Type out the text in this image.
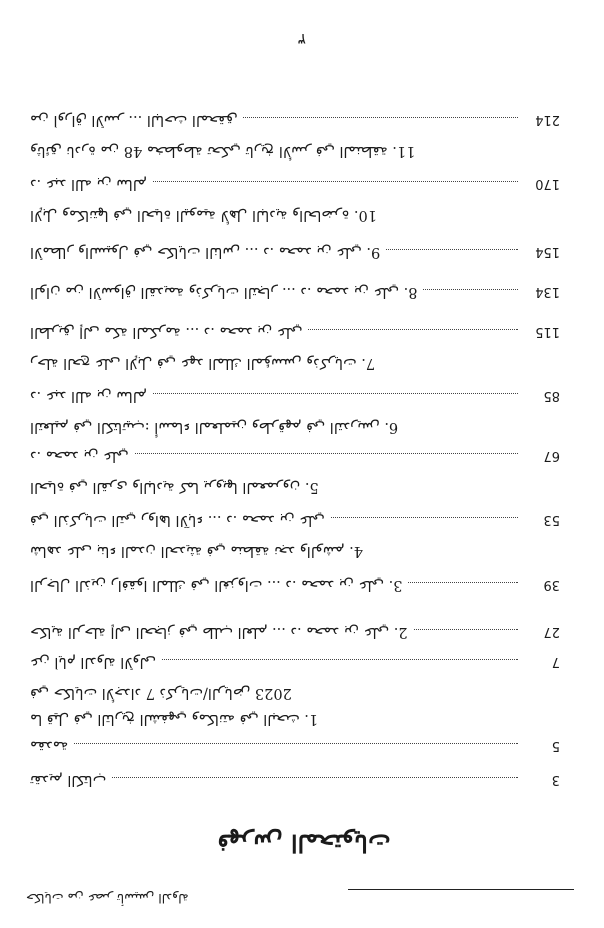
حكايات من عصر تأسيس الدولة
فهرس المحتويات
3
تقديم الكتاب
5
مقدمة
1. ما قيل في التاريخ الشفهي ومكانته في البحث
في حكايات الأجداد 7 ذكريات/الرياض 2023
7
عن أيام الدولة الأولى
27
2. حكاية الرحلة إلى الحجاز في طلب العلم ... د. محمد بن علي
39
3. الرجال الذين رافقوا الملك في الغزوات ... د. محمد بن علي
4. شاهد على بناء المدن الحديثة في منطقة نجد والوشم
53
في الذكريات التي رواها الآباء ... د. محمد بن علي
5. الحياة في القرى والبادية كما يرويها المعمرون
67
د. محمد بن علي
6. التعليم في الكتاتيب: أسماء المعلمين وطرقهم في التدريس
85
د. عبد الله بن سالم
7. رحلة الحج على الإبل في عهد الملك المؤسس وذكريات
115
الطريق إلى مكة المكرمة ... د. محمد بن علي
134
8. ألوان من الأسواق القديمة وذكريات التجار ... د. محمد بن علي
154
9. الأمطار والسيول في حكايات الناس ... د. محمد بن علي
10. الإبل ومكانتها في الحياة اليومية لأهل البادية والحاضرة
170
د. عبد الله بن سالم
11. وثائق نادرة من 48 مخطوطة تحكي تاريخ الأسر في المنطقة
214
من أوراق الأسر ... الباحث المحقق
٣
